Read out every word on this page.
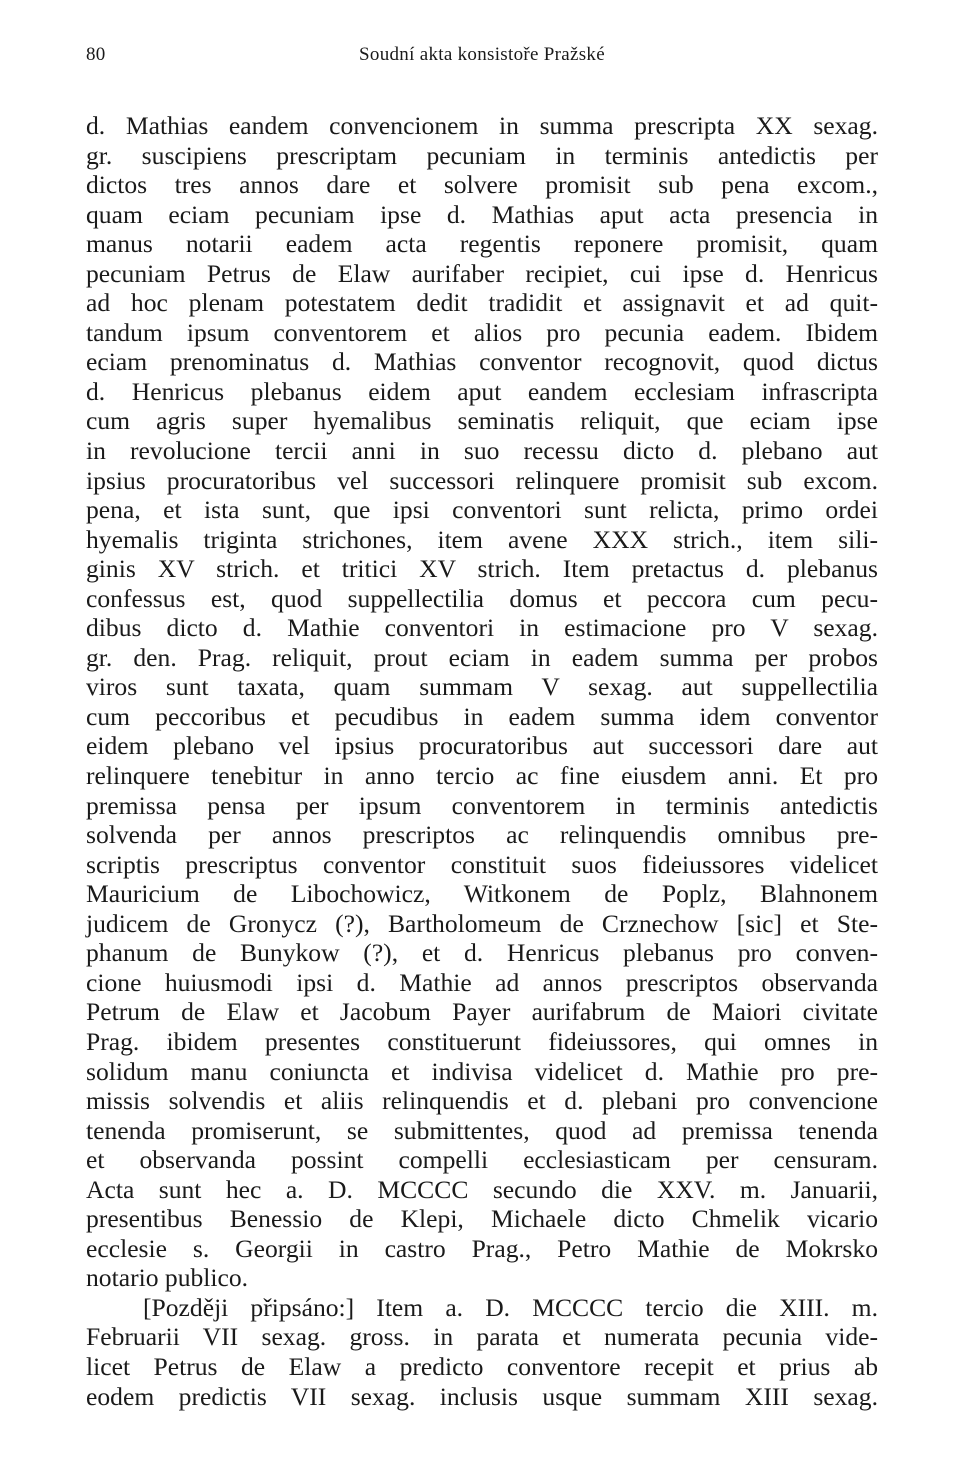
80	Soudní akta konsistoře Pražské
d. Mathias eandem convencionem in summa prescripta XX sexag.
gr. suscipiens prescriptam pecuniam in terminis antedictis per
dictos tres annos dare et solvere promisit sub pena excom.,
quam eciam pecuniam ipse d. Mathias aput acta presencia in
manus notarii eadem acta regentis reponere promisit, quam
pecuniam Petrus de Elaw aurifaber recipiet, cui ipse d. Henricus
ad hoc plenam potestatem dedit tradidit et assignavit et ad quit-
tandum ipsum conventorem et alios pro pecunia eadem. Ibidem
eciam prenominatus d. Mathias conventor recognovit, quod dictus
d. Henricus plebanus eidem aput eandem ecclesiam infrascripta
cum agris super hyemalibus seminatis reliquit, que eciam ipse
in revolucione tercii anni in suo recessu dicto d. plebano aut
ipsius procuratoribus vel successori relinquere promisit sub excom.
pena, et ista sunt, que ipsi conventori sunt relicta, primo ordei
hyemalis triginta strichones, item avene XXX strich., item sili-
ginis XV strich. et tritici XV strich. Item pretactus d. plebanus
confessus est, quod suppellectilia domus et peccora cum pecu-
dibus dicto d. Mathie conventori in estimacione pro V sexag.
gr. den. Prag. reliquit, prout eciam in eadem summa per probos
viros sunt taxata, quam summam V sexag. aut suppellectilia
cum peccoribus et pecudibus in eadem summa idem conventor
eidem plebano vel ipsius procuratoribus aut successori dare aut
relinquere tenebitur in anno tercio ac fine eiusdem anni. Et pro
premissa pensa per ipsum conventorem in terminis antedictis
solvenda per annos prescriptos ac relinquendis omnibus pre-
scriptis prescriptus conventor constituit suos fideiussores videlicet
Mauricium de Libochowicz, Witkonem de Poplz, Blahnonem
judicem de Gronycz (?), Bartholomeum de Crznechow [sic] et Ste-
phanum de Bunykow (?), et d. Henricus plebanus pro conven-
cione huiusmodi ipsi d. Mathie ad annos prescriptos observanda
Petrum de Elaw et Jacobum Payer aurifabrum de Maiori civitate
Prag. ibidem presentes constituerunt fideiussores, qui omnes in
solidum manu coniuncta et indivisa videlicet d. Mathie pro pre-
missis solvendis et aliis relinquendis et d. plebani pro convencione
tenenda promiserunt, se submittentes, quod ad premissa tenenda
et observanda possint compelli ecclesiasticam per censuram.
Acta sunt hec a. D. MCCCC secundo die XXV. m. Januarii,
presentibus Benessio de Klepi, Michaele dicto Chmelik vicario
ecclesie s. Georgii in castro Prag., Petro Mathie de Mokrsko
notario publico.
[Později připsáno:] Item a. D. MCCCC tercio die XIII. m.
Februarii VII sexag. gross. in parata et numerata pecunia vide-
licet Petrus de Elaw a predicto conventore recepit et prius ab
eodem predictis VII sexag. inclusis usque summam XIII sexag.
